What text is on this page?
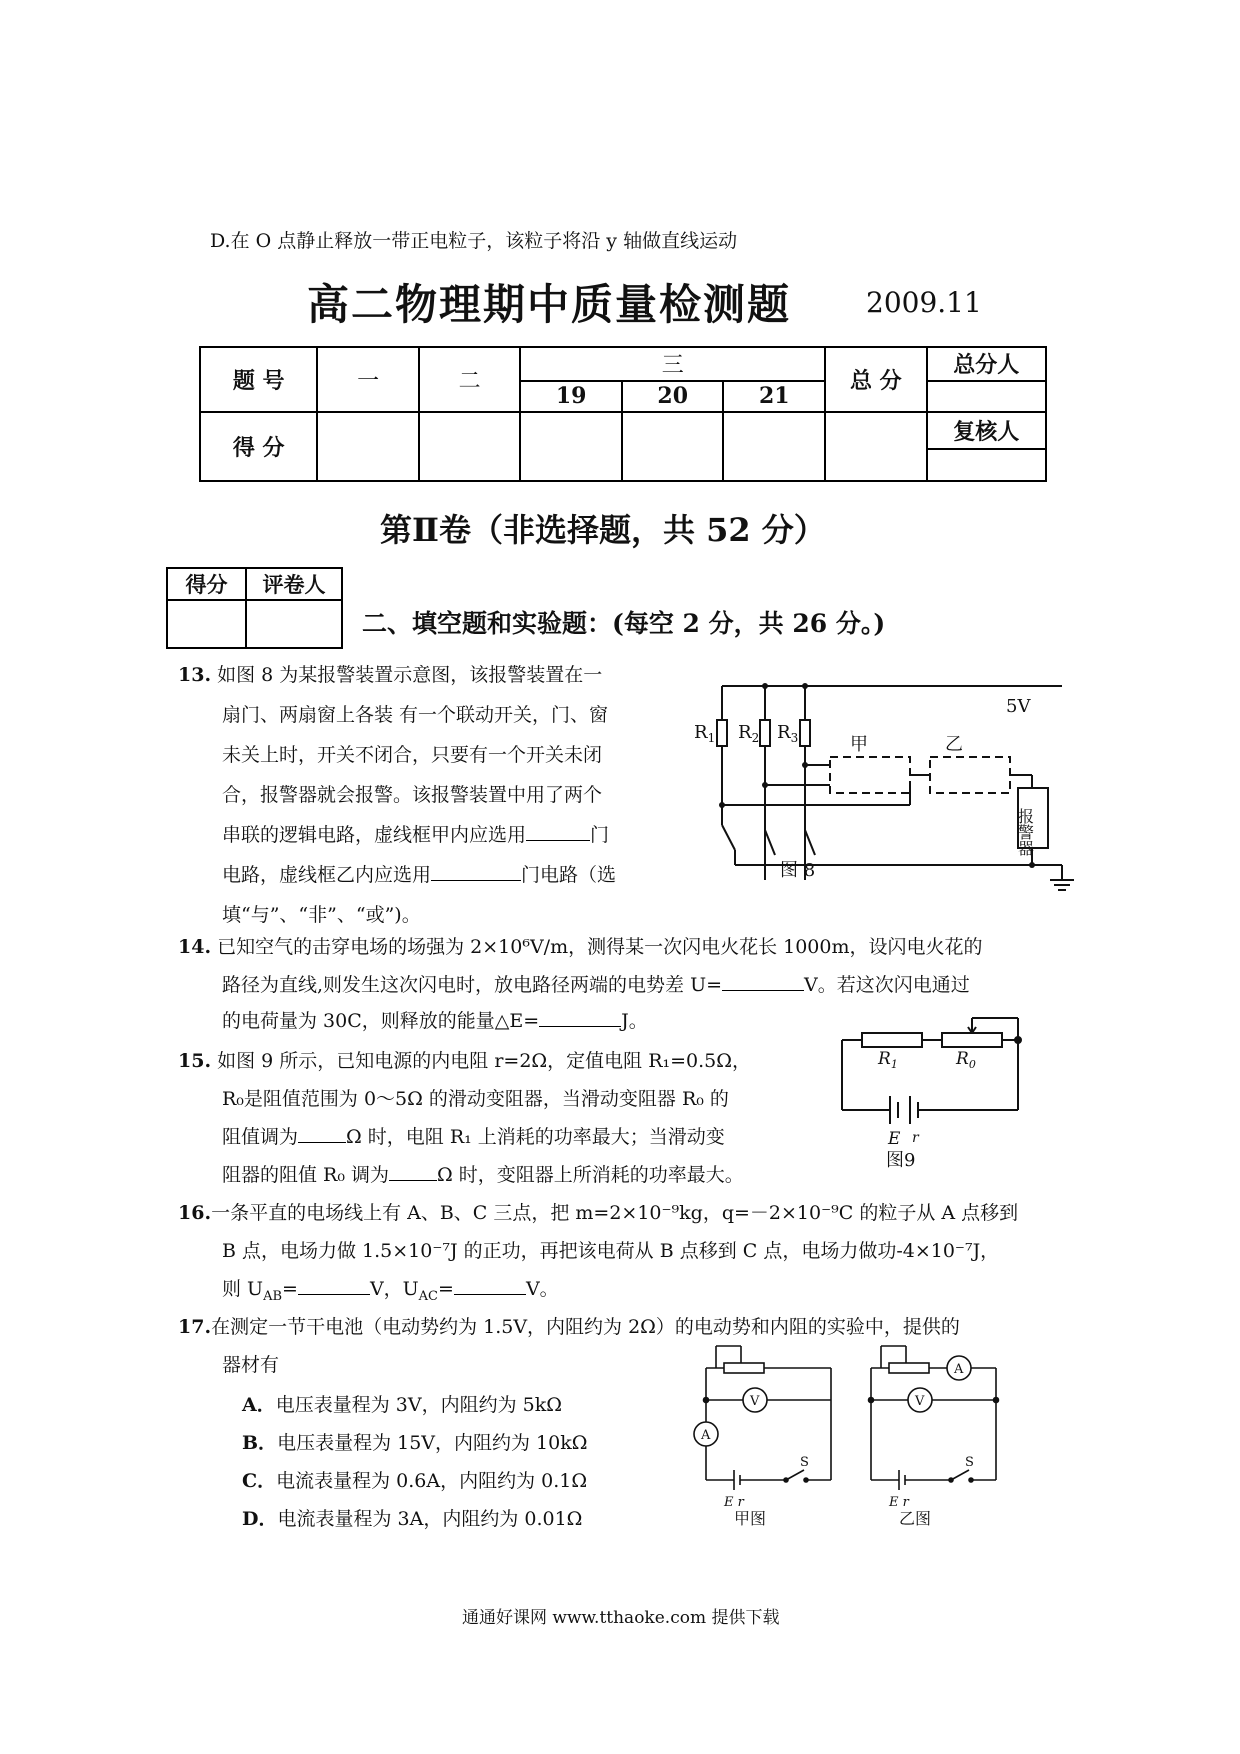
D.在 O 点静止释放一带正电粒子，该粒子将沿 y 轴做直线运动
高二物理期中质量检测题	2009.11
题 号	一	二	三			总 分	总分人
			19	20	21		
得 分							复核人

第Ⅱ卷（非选择题，共 52 分）
得分	评卷人

二、填空题和实验题：(每空 2 分，共 26 分。)
13. 如图 8 为某报警装置示意图，该报警装置在一
扇门、两扇窗上各装 有一个联动开关，门、窗
未关上时，开关不闭合，只要有一个开关未闭
合，报警器就会报警。该报警装置中用了两个
串联的逻辑电路，虚线框甲内应选用	门
电路，虚线框乙内应选用	门电路（选
填“与”、“非”、“或”)。
$R_1$ $R_2$ $R_3$
5V
甲	乙
图 8
报警器
14. 已知空气的击穿电场的场强为 2×10⁶V/m，测得某一次闪电火花长 1000m，设闪电火花的
路径为直线,则发生这次闪电时，放电路径两端的电势差 U=	V。若这次闪电通过
的电荷量为 30C，则释放的能量△E=	J。
15. 如图 9 所示，已知电源的内电阻 r=2Ω，定值电阻 R₁=0.5Ω，
R₀是阻值范围为 0～5Ω 的滑动变阻器，当滑动变阻器 R₀ 的
阻值调为	Ω 时，电阻 R₁ 上消耗的功率最大；当滑动变
阻器的阻值 R₀ 调为	Ω 时，变阻器上所消耗的功率最大。
$R_1$	$R_0$
E r
图9
16.一条平直的电场线上有 A、B、C 三点，把 m=2×10⁻⁹kg，q=－2×10⁻⁹C 的粒子从 A 点移到
B 点，电场力做 1.5×10⁻⁷J 的正功，再把该电荷从 B 点移到 C 点，电场力做功-4×10⁻⁷J，
则 $U_{AB}=$	V，$U_{AC}=$	V。
17.在测定一节干电池（电动势约为 1.5V，内阻约为 2Ω）的电动势和内阻的实验中，提供的
器材有
A．电压表量程为 3V，内阻约为 5kΩ
B．电压表量程为 15V，内阻约为 10kΩ
C．电流表量程为 0.6A，内阻约为 0.1Ω
D．电流表量程为 3A，内阻约为 0.01Ω
V
A
S
E r
甲图
A
V
S
E r
乙图
通通好课网 www.tthaoke.com 提供下载
